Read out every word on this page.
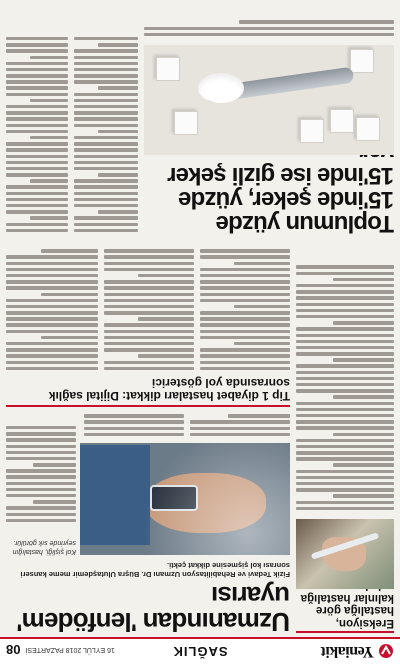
Yeniakit
SAĞLIK
16 EYLÜL 2018 PAZARTESİ
08
Ereksiyon, hastalığa göre kalınlar hastalığa
Uzmanından 'lenfödem' uyarısı
Fizik Tedavi ve Rehabilitasyon Uzmanı Dr. Büşra Ulutaşdemir meme kanseri sonrası kol şişmesine dikkat çekti.
Kol şişliği, hastalığın seyrinde sık görülür.
Tip 1 diyabet hastaları dikkat: Dijital sağlık sonrasında yol gösterici
Toplumun yüzde 15'inde şeker, yüzde 15'inde ise gizli şeker
